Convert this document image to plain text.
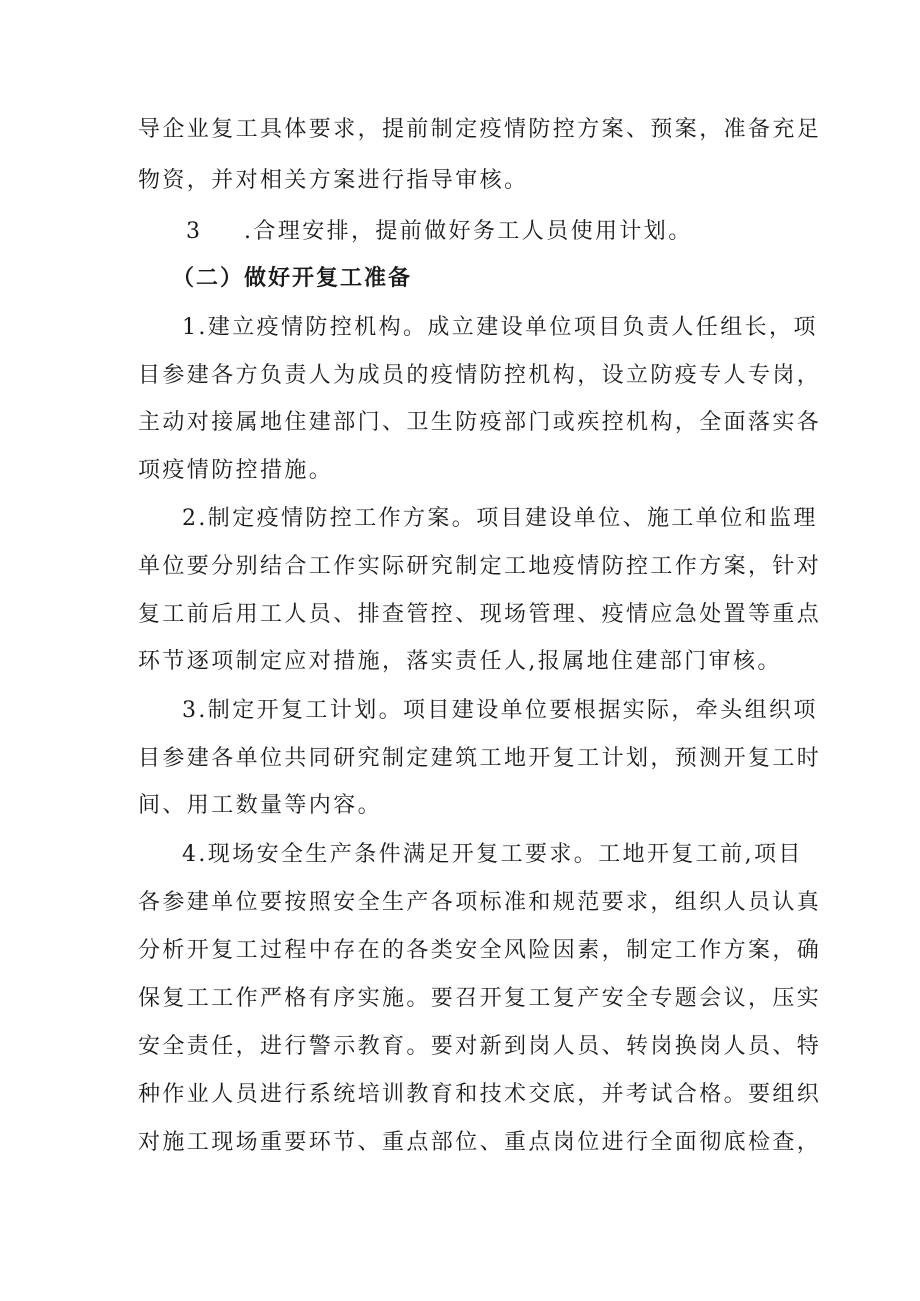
导企业复工具体要求，提前制定疫情防控方案、预案，准备充足
物资，并对相关方案进行指导审核。
3 .合理安排，提前做好务工人员使用计划。
（二）做好开复工准备
1.建立疫情防控机构。成立建设单位项目负责人任组长，项
目参建各方负责人为成员的疫情防控机构，设立防疫专人专岗，
主动对接属地住建部门、卫生防疫部门或疾控机构，全面落实各
项疫情防控措施。
2.制定疫情防控工作方案。项目建设单位、施工单位和监理
单位要分别结合工作实际研究制定工地疫情防控工作方案，针对
复工前后用工人员、排查管控、现场管理、疫情应急处置等重点
环节逐项制定应对措施，落实责任人,报属地住建部门审核。
3.制定开复工计划。项目建设单位要根据实际，牵头组织项
目参建各单位共同研究制定建筑工地开复工计划，预测开复工时
间、用工数量等内容。
4.现场安全生产条件满足开复工要求。工地开复工前,项目
各参建单位要按照安全生产各项标准和规范要求，组织人员认真
分析开复工过程中存在的各类安全风险因素，制定工作方案，确
保复工工作严格有序实施。要召开复工复产安全专题会议，压实
安全责任，进行警示教育。要对新到岗人员、转岗换岗人员、特
种作业人员进行系统培训教育和技术交底，并考试合格。要组织
对施工现场重要环节、重点部位、重点岗位进行全面彻底检查，
